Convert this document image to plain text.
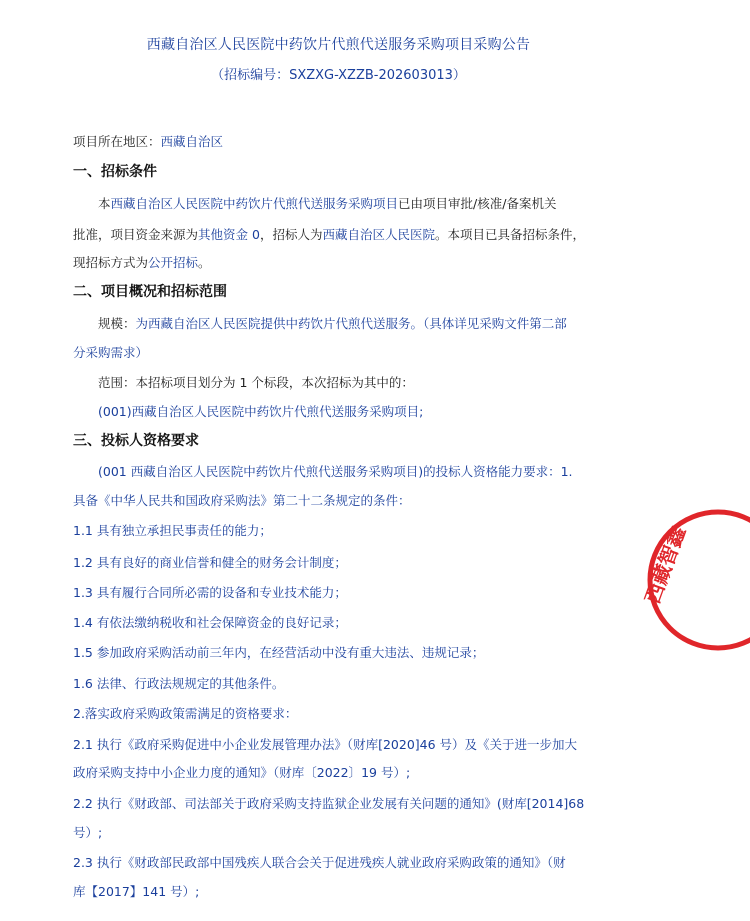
西藏自治区人民医院中药饮片代煎代送服务采购项目采购公告
（招标编号：SXZXG-XZZB-202603013）
项目所在地区：西藏自治区
一、招标条件
本西藏自治区人民医院中药饮片代煎代送服务采购项目已由项目审批/核准/备案机关
批准，项目资金来源为其他资金 0，招标人为西藏自治区人民医院。本项目已具备招标条件，
现招标方式为公开招标。
二、项目概况和招标范围
规模：为西藏自治区人民医院提供中药饮片代煎代送服务。（具体详见采购文件第二部
分采购需求）
范围：本招标项目划分为 1 个标段，本次招标为其中的：
(001)西藏自治区人民医院中药饮片代煎代送服务采购项目;
三、投标人资格要求
(001 西藏自治区人民医院中药饮片代煎代送服务采购项目)的投标人资格能力要求：1.
具备《中华人民共和国政府采购法》第二十二条规定的条件：
1.1 具有独立承担民事责任的能力；
1.2 具有良好的商业信誉和健全的财务会计制度；
1.3 具有履行合同所必需的设备和专业技术能力；
1.4 有依法缴纳税收和社会保障资金的良好记录；
1.5 参加政府采购活动前三年内，在经营活动中没有重大违法、违规记录；
1.6 法律、行政法规规定的其他条件。
2.落实政府采购政策需满足的资格要求：
2.1 执行《政府采购促进中小企业发展管理办法》（财库[2020]46 号）及《关于进一步加大
政府采购支持中小企业力度的通知》（财库〔2022〕19 号）;
2.2 执行《财政部、司法部关于政府采购支持监狱企业发展有关问题的通知》(财库[2014]68
号）;
2.3 执行《财政部民政部中国残疾人联合会关于促进残疾人就业政府采购政策的通知》（财
库【2017】141 号）;
西藏智鑫
